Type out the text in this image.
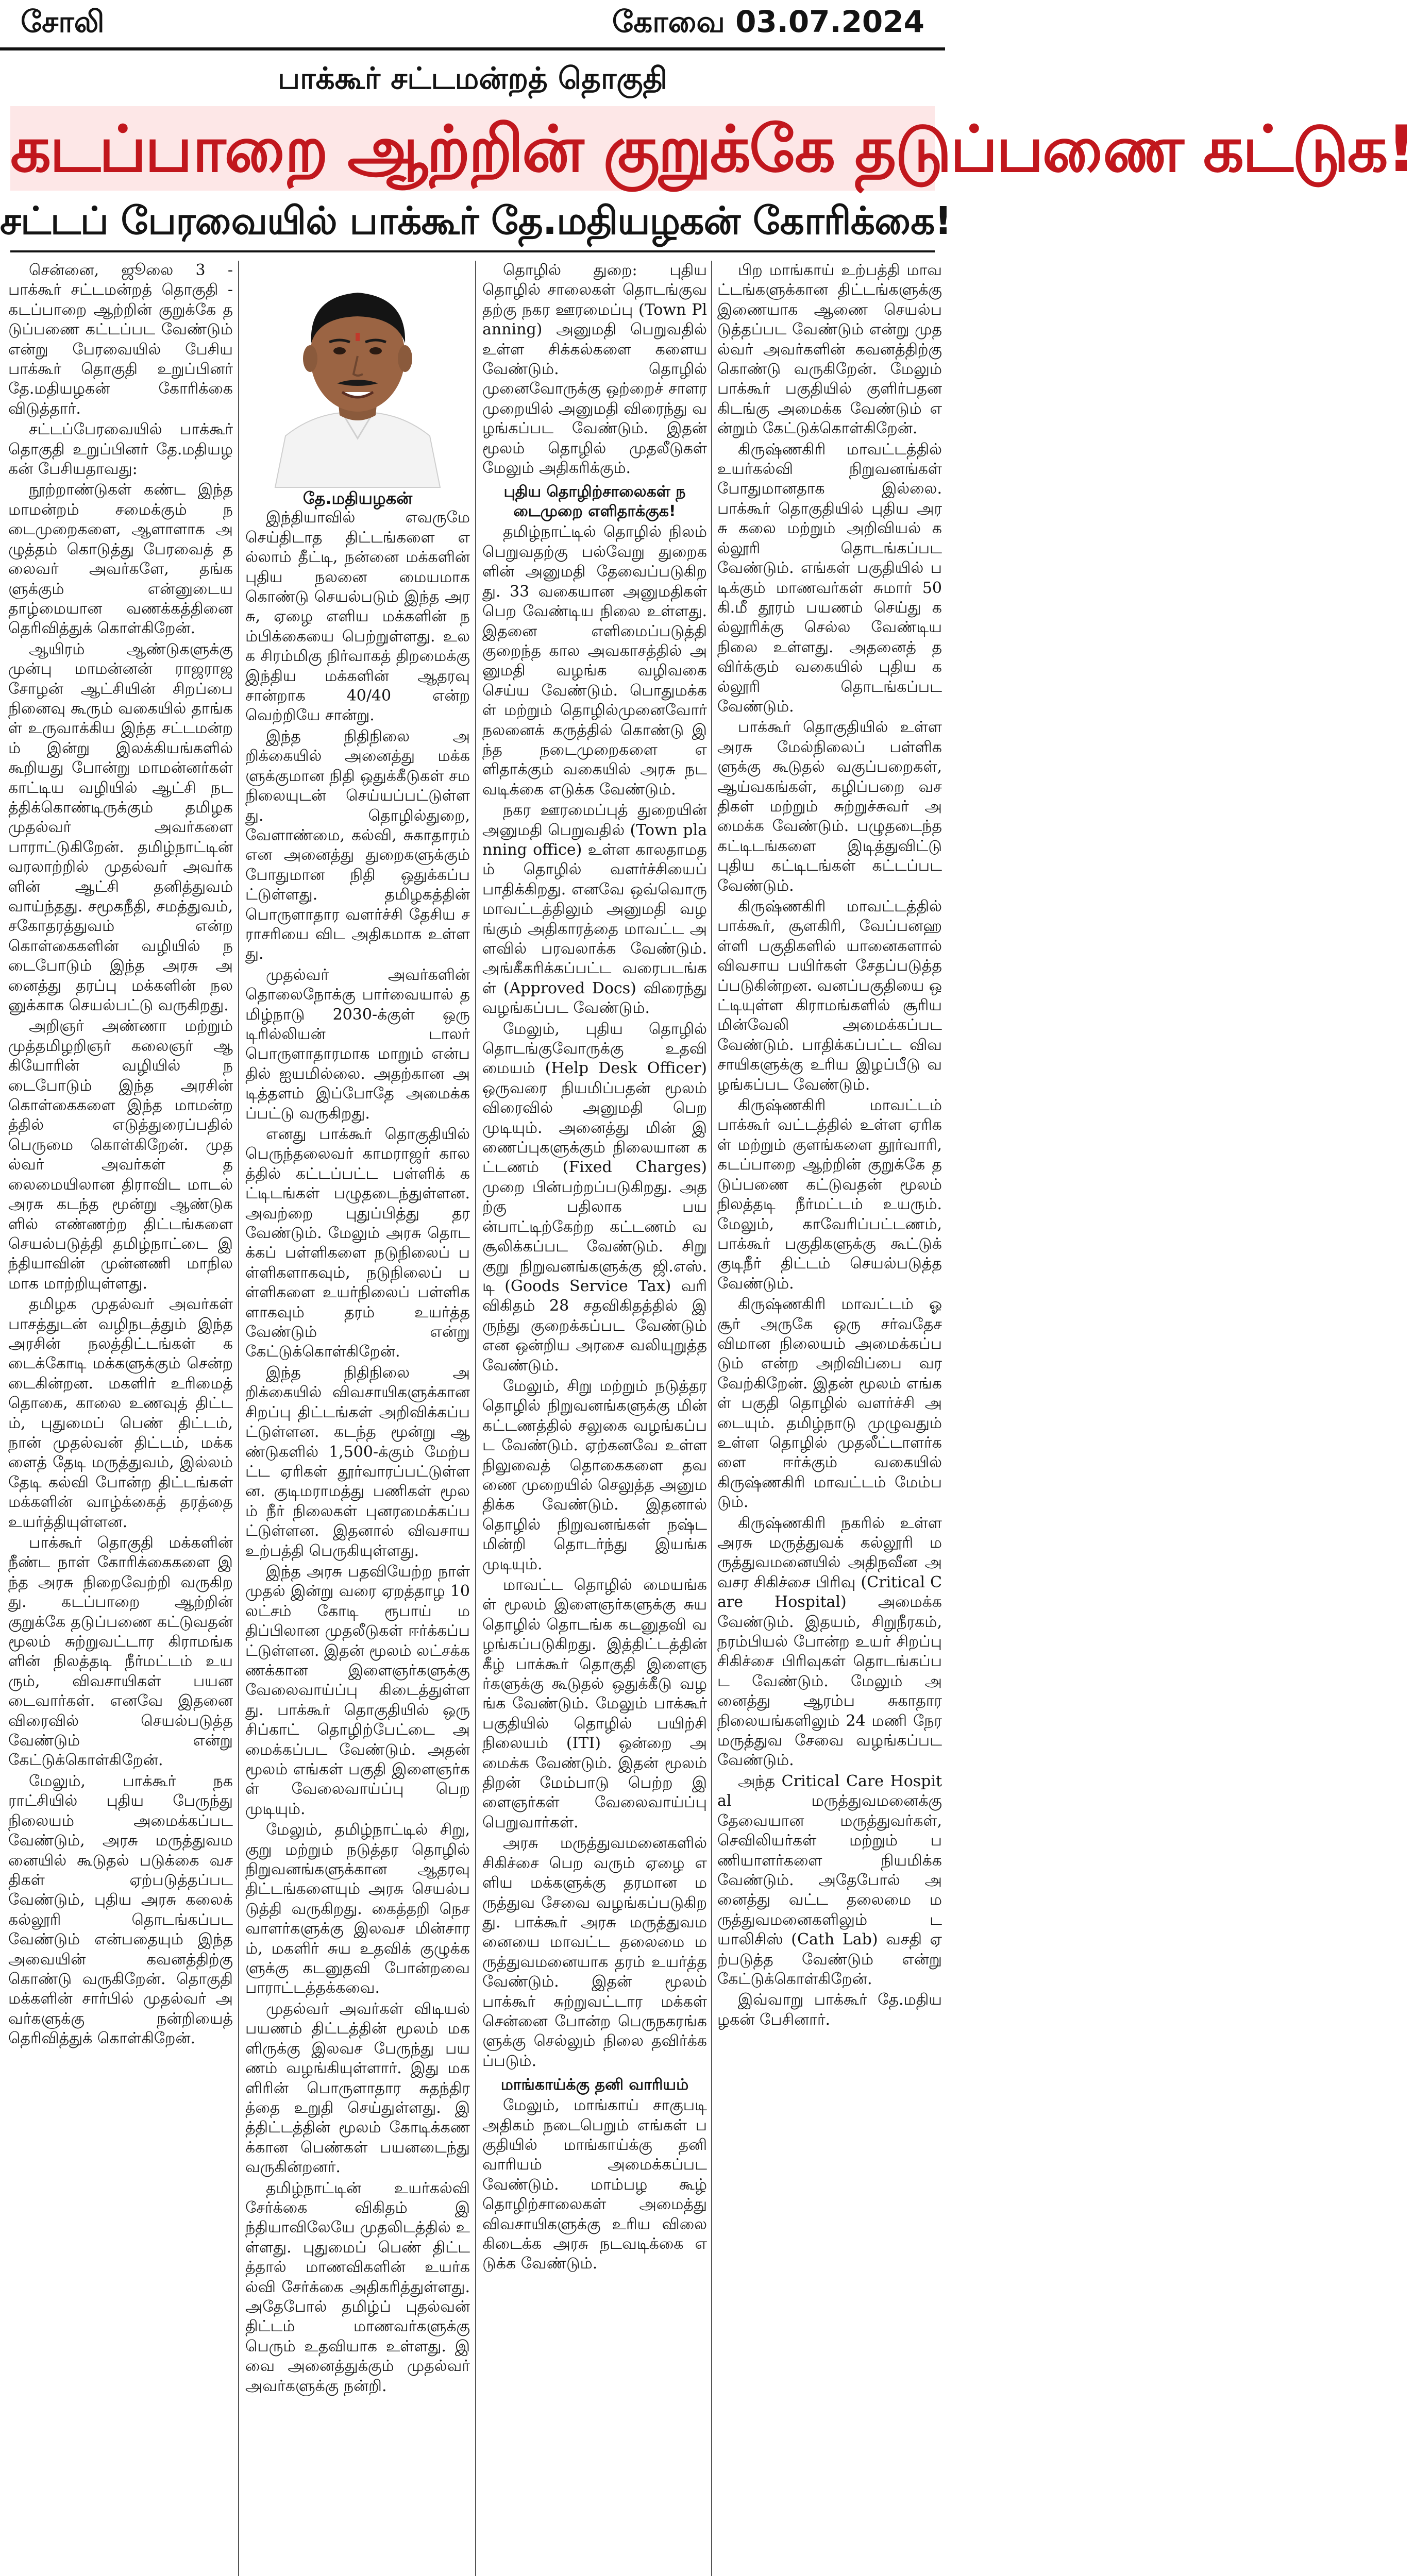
சோலி	கோவை 03.07.2024
பாக்கூர் சட்டமன்றத் தொகுதி
கடப்பாறை ஆற்றின் குறுக்கே தடுப்பணை கட்டுக!
சட்டப் பேரவையில் பாக்கூர் தே.மதியழகன் கோரிக்கை!

சென்னை, ஜூலை 3 - பாக்கூர் சட்டமன்றத் தொகுதி - கடப்பாறை ஆற்றின் குறுக்கே தடுப்பணை கட்டப்பட வேண்டும் என்று பேரவையில் பேசிய பாக்கூர் தொகுதி உறுப்பினர் தே.மதியழகன் கோரிக்கை விடுத்தார்.

சட்டப்பேரவையில் பாக்கூர் தொகுதி உறுப்பினர் தே.மதியழகன் பேசியதாவது:

நூற்றாண்டுகள் கண்ட இந்த மாமன்றம் சமைக்கும் நடைமுறைகளை, ஆளாளாக அழுத்தம் கொடுத்து பேரவைத் தலைவர் அவர்களே, தங்களுக்கும் என்னுடைய தாழ்மையான வணக்கத்தினை தெரிவித்துக் கொள்கிறேன்.

ஆயிரம் ஆண்டுகளுக்கு முன்பு மாமன்னன் ராஜராஜ சோழன் ஆட்சியின் சிறப்பை நினைவு கூரும் வகையில் தாங்கள் உருவாக்கிய இந்த சட்டமன்றம் இன்று இலக்கியங்களில் கூறியது போன்று மாமன்னர்கள் காட்டிய வழியில் ஆட்சி நடத்திக்கொண்டிருக்கும் தமிழக முதல்வர் அவர்களை பாராட்டுகிறேன். தமிழ்நாட்டின் வரலாற்றில் முதல்வர் அவர்களின் ஆட்சி தனித்துவம் வாய்ந்தது. சமூகநீதி, சமத்துவம், சகோதரத்துவம் என்ற கொள்கைகளின் வழியில் நடைபோடும் இந்த அரசு அனைத்து தரப்பு மக்களின் நலனுக்காக செயல்பட்டு வருகிறது.

அறிஞர் அண்ணா மற்றும் முத்தமிழறிஞர் கலைஞர் ஆகியோரின் வழியில் நடைபோடும் இந்த அரசின் கொள்கைகளை இந்த மாமன்றத்தில் எடுத்துரைப்பதில் பெருமை கொள்கிறேன். முதல்வர் அவர்கள் தலைமையிலான திராவிட மாடல் அரசு கடந்த மூன்று ஆண்டுகளில் எண்ணற்ற திட்டங்களை செயல்படுத்தி தமிழ்நாட்டை இந்தியாவின் முன்னணி மாநிலமாக மாற்றியுள்ளது.

தமிழக முதல்வர் அவர்கள் பாசத்துடன் வழிநடத்தும் இந்த அரசின் நலத்திட்டங்கள் கடைக்கோடி மக்களுக்கும் சென்றடைகின்றன. மகளிர் உரிமைத் தொகை, காலை உணவுத் திட்டம், புதுமைப் பெண் திட்டம், நான் முதல்வன் திட்டம், மக்களைத் தேடி மருத்துவம், இல்லம் தேடி கல்வி போன்ற திட்டங்கள் மக்களின் வாழ்க்கைத் தரத்தை உயர்த்தியுள்ளன.

பாக்கூர் தொகுதி மக்களின் நீண்ட நாள் கோரிக்கைகளை இந்த அரசு நிறைவேற்றி வருகிறது. கடப்பாறை ஆற்றின் குறுக்கே தடுப்பணை கட்டுவதன் மூலம் சுற்றுவட்டார கிராமங்களின் நிலத்தடி நீர்மட்டம் உயரும், விவசாயிகள் பயனடைவார்கள். எனவே இதனை விரைவில் செயல்படுத்த வேண்டும் என்று கேட்டுக்கொள்கிறேன்.

மேலும், பாக்கூர் நகராட்சியில் புதிய பேருந்து நிலையம் அமைக்கப்பட வேண்டும், அரசு மருத்துவமனையில் கூடுதல் படுக்கை வசதிகள் ஏற்படுத்தப்பட வேண்டும், புதிய அரசு கலைக் கல்லூரி தொடங்கப்பட வேண்டும் என்பதையும் இந்த அவையின் கவனத்திற்கு கொண்டு வருகிறேன். தொகுதி மக்களின் சார்பில் முதல்வர் அவர்களுக்கு நன்றியைத் தெரிவித்துக் கொள்கிறேன்.

தே.மதியழகன்

இந்தியாவில் எவருமே செய்திடாத திட்டங்களை எல்லாம் தீட்டி, நன்னை மக்களின் புதிய நலனை மையமாக கொண்டு செயல்படும் இந்த அரசு, ஏழை எளிய மக்களின் நம்பிக்கையை பெற்றுள்ளது. உலக சிரம்மிகு நிர்வாகத் திறமைக்கு இந்திய மக்களின் ஆதரவு சான்றாக 40/40 என்ற வெற்றியே சான்று.

இந்த நிதிநிலை அறிக்கையில் அனைத்து மக்களுக்குமான நிதி ஒதுக்கீடுகள் சமநிலையுடன் செய்யப்பட்டுள்ளது. தொழில்துறை, வேளாண்மை, கல்வி, சுகாதாரம் என அனைத்து துறைகளுக்கும் போதுமான நிதி ஒதுக்கப்பட்டுள்ளது. தமிழகத்தின் பொருளாதார வளர்ச்சி தேசிய சராசரியை விட அதிகமாக உள்ளது.

முதல்வர் அவர்களின் தொலைநோக்கு பார்வையால் தமிழ்நாடு 2030-க்குள் ஒரு டிரில்லியன் டாலர் பொருளாதாரமாக மாறும் என்பதில் ஐயமில்லை. அதற்கான அடித்தளம் இப்போதே அமைக்கப்பட்டு வருகிறது.

எனது பாக்கூர் தொகுதியில் பெருந்தலைவர் காமராஜர் காலத்தில் கட்டப்பட்ட பள்ளிக் கட்டிடங்கள் பழுதடைந்துள்ளன. அவற்றை புதுப்பித்து தர வேண்டும். மேலும் அரசு தொடக்கப் பள்ளிகளை நடுநிலைப் பள்ளிகளாகவும், நடுநிலைப் பள்ளிகளை உயர்நிலைப் பள்ளிகளாகவும் தரம் உயர்த்த வேண்டும் என்று கேட்டுக்கொள்கிறேன்.

இந்த நிதிநிலை அறிக்கையில் விவசாயிகளுக்கான சிறப்பு திட்டங்கள் அறிவிக்கப்பட்டுள்ளன. கடந்த மூன்று ஆண்டுகளில் 1,500-க்கும் மேற்பட்ட ஏரிகள் தூர்வாரப்பட்டுள்ளன. குடிமராமத்து பணிகள் மூலம் நீர் நிலைகள் புனரமைக்கப்பட்டுள்ளன. இதனால் விவசாய உற்பத்தி பெருகியுள்ளது.

இந்த அரசு பதவியேற்ற நாள் முதல் இன்று வரை ஏறத்தாழ 10 லட்சம் கோடி ரூபாய் மதிப்பிலான முதலீடுகள் ஈர்க்கப்பட்டுள்ளன. இதன் மூலம் லட்சக்கணக்கான இளைஞர்களுக்கு வேலைவாய்ப்பு கிடைத்துள்ளது. பாக்கூர் தொகுதியில் ஒரு சிப்காட் தொழிற்பேட்டை அமைக்கப்பட வேண்டும். அதன் மூலம் எங்கள் பகுதி இளைஞர்கள் வேலைவாய்ப்பு பெற முடியும்.

மேலும், தமிழ்நாட்டில் சிறு, குறு மற்றும் நடுத்தர தொழில் நிறுவனங்களுக்கான ஆதரவு திட்டங்களையும் அரசு செயல்படுத்தி வருகிறது. கைத்தறி நெசவாளர்களுக்கு இலவச மின்சாரம், மகளிர் சுய உதவிக் குழுக்களுக்கு கடனுதவி போன்றவை பாராட்டத்தக்கவை.

முதல்வர் அவர்கள் விடியல் பயணம் திட்டத்தின் மூலம் மகளிருக்கு இலவச பேருந்து பயணம் வழங்கியுள்ளார். இது மகளிரின் பொருளாதார சுதந்திரத்தை உறுதி செய்துள்ளது. இத்திட்டத்தின் மூலம் கோடிக்கணக்கான பெண்கள் பயனடைந்து வருகின்றனர்.

தமிழ்நாட்டின் உயர்கல்வி சேர்க்கை விகிதம் இந்தியாவிலேயே முதலிடத்தில் உள்ளது. புதுமைப் பெண் திட்டத்தால் மாணவிகளின் உயர்கல்வி சேர்க்கை அதிகரித்துள்ளது. அதேபோல் தமிழ்ப் புதல்வன் திட்டம் மாணவர்களுக்கு பெரும் உதவியாக உள்ளது. இவை அனைத்துக்கும் முதல்வர் அவர்களுக்கு நன்றி.

தொழில் துறை: புதிய தொழில் சாலைகள் தொடங்குவதற்கு நகர ஊரமைப்பு (Town Planning) அனுமதி பெறுவதில் உள்ள சிக்கல்களை களைய வேண்டும். தொழில் முனைவோருக்கு ஒற்றைச் சாளர முறையில் அனுமதி விரைந்து வழங்கப்பட வேண்டும். இதன் மூலம் தொழில் முதலீடுகள் மேலும் அதிகரிக்கும்.

புதிய தொழிற்சாலைகள் நடைமுறை எளிதாக்குக!

தமிழ்நாட்டில் தொழில் நிலம் பெறுவதற்கு பல்வேறு துறைகளின் அனுமதி தேவைப்படுகிறது. 33 வகையான அனுமதிகள் பெற வேண்டிய நிலை உள்ளது. இதனை எளிமைப்படுத்தி குறைந்த கால அவகாசத்தில் அனுமதி வழங்க வழிவகை செய்ய வேண்டும். பொதுமக்கள் மற்றும் தொழில்முனைவோர் நலனைக் கருத்தில் கொண்டு இந்த நடைமுறைகளை எளிதாக்கும் வகையில் அரசு நடவடிக்கை எடுக்க வேண்டும்.

நகர ஊரமைப்புத் துறையின் அனுமதி பெறுவதில் (Town planning office) உள்ள காலதாமதம் தொழில் வளர்ச்சியைப் பாதிக்கிறது. எனவே ஒவ்வொரு மாவட்டத்திலும் அனுமதி வழங்கும் அதிகாரத்தை மாவட்ட அளவில் பரவலாக்க வேண்டும். அங்கீகரிக்கப்பட்ட வரைபடங்கள் (Approved Docs) விரைந்து வழங்கப்பட வேண்டும்.

மேலும், புதிய தொழில் தொடங்குவோருக்கு உதவி மையம் (Help Desk Officer) ஒருவரை நியமிப்பதன் மூலம் விரைவில் அனுமதி பெற முடியும். அனைத்து மின் இணைப்புகளுக்கும் நிலையான கட்டணம் (Fixed Charges) முறை பின்பற்றப்படுகிறது. அதற்கு பதிலாக பயன்பாட்டிற்கேற்ற கட்டணம் வசூலிக்கப்பட வேண்டும். சிறு குறு நிறுவனங்களுக்கு ஜி.எஸ்.டி (Goods Service Tax) வரி விகிதம் 28 சதவிகிதத்தில் இருந்து குறைக்கப்பட வேண்டும் என ஒன்றிய அரசை வலியுறுத்த வேண்டும்.

மேலும், சிறு மற்றும் நடுத்தர தொழில் நிறுவனங்களுக்கு மின் கட்டணத்தில் சலுகை வழங்கப்பட வேண்டும். ஏற்கனவே உள்ள நிலுவைத் தொகைகளை தவணை முறையில் செலுத்த அனுமதிக்க வேண்டும். இதனால் தொழில் நிறுவனங்கள் நஷ்டமின்றி தொடர்ந்து இயங்க முடியும்.

மாவட்ட தொழில் மையங்கள் மூலம் இளைஞர்களுக்கு சுயதொழில் தொடங்க கடனுதவி வழங்கப்படுகிறது. இத்திட்டத்தின் கீழ் பாக்கூர் தொகுதி இளைஞர்களுக்கு கூடுதல் ஒதுக்கீடு வழங்க வேண்டும். மேலும் பாக்கூர் பகுதியில் தொழில் பயிற்சி நிலையம் (ITI) ஒன்றை அமைக்க வேண்டும். இதன் மூலம் திறன் மேம்பாடு பெற்ற இளைஞர்கள் வேலைவாய்ப்பு பெறுவார்கள்.

அரசு மருத்துவமனைகளில் சிகிச்சை பெற வரும் ஏழை எளிய மக்களுக்கு தரமான மருத்துவ சேவை வழங்கப்படுகிறது. பாக்கூர் அரசு மருத்துவமனையை மாவட்ட தலைமை மருத்துவமனையாக தரம் உயர்த்த வேண்டும். இதன் மூலம் பாக்கூர் சுற்றுவட்டார மக்கள் சென்னை போன்ற பெருநகரங்களுக்கு செல்லும் நிலை தவிர்க்கப்படும்.

மாங்காய்க்கு தனி வாரியம்

மேலும், மாங்காய் சாகுபடி அதிகம் நடைபெறும் எங்கள் பகுதியில் மாங்காய்க்கு தனி வாரியம் அமைக்கப்பட வேண்டும். மாம்பழ கூழ் தொழிற்சாலைகள் அமைத்து விவசாயிகளுக்கு உரிய விலை கிடைக்க அரசு நடவடிக்கை எடுக்க வேண்டும்.

பிற மாங்காய் உற்பத்தி மாவட்டங்களுக்கான திட்டங்களுக்கு இணையாக ஆணை செயல்படுத்தப்பட வேண்டும் என்று முதல்வர் அவர்களின் கவனத்திற்கு கொண்டு வருகிறேன். மேலும் பாக்கூர் பகுதியில் குளிர்பதன கிடங்கு அமைக்க வேண்டும் என்றும் கேட்டுக்கொள்கிறேன்.

கிருஷ்ணகிரி மாவட்டத்தில் உயர்கல்வி நிறுவனங்கள் போதுமானதாக இல்லை. பாக்கூர் தொகுதியில் புதிய அரசு கலை மற்றும் அறிவியல் கல்லூரி தொடங்கப்பட வேண்டும். எங்கள் பகுதியில் படிக்கும் மாணவர்கள் சுமார் 50 கி.மீ தூரம் பயணம் செய்து கல்லூரிக்கு செல்ல வேண்டிய நிலை உள்ளது. அதனைத் தவிர்க்கும் வகையில் புதிய கல்லூரி தொடங்கப்பட வேண்டும்.

பாக்கூர் தொகுதியில் உள்ள அரசு மேல்நிலைப் பள்ளிகளுக்கு கூடுதல் வகுப்பறைகள், ஆய்வகங்கள், கழிப்பறை வசதிகள் மற்றும் சுற்றுச்சுவர் அமைக்க வேண்டும். பழுதடைந்த கட்டிடங்களை இடித்துவிட்டு புதிய கட்டிடங்கள் கட்டப்பட வேண்டும்.

கிருஷ்ணகிரி மாவட்டத்தில் பாக்கூர், சூளகிரி, வேப்பனஹள்ளி பகுதிகளில் யானைகளால் விவசாய பயிர்கள் சேதப்படுத்தப்படுகின்றன. வனப்பகுதியை ஒட்டியுள்ள கிராமங்களில் சூரிய மின்வேலி அமைக்கப்பட வேண்டும். பாதிக்கப்பட்ட விவசாயிகளுக்கு உரிய இழப்பீடு வழங்கப்பட வேண்டும்.

கிருஷ்ணகிரி மாவட்டம் பாக்கூர் வட்டத்தில் உள்ள ஏரிகள் மற்றும் குளங்களை தூர்வாரி, கடப்பாறை ஆற்றின் குறுக்கே தடுப்பணை கட்டுவதன் மூலம் நிலத்தடி நீர்மட்டம் உயரும். மேலும், காவேரிப்பட்டணம், பாக்கூர் பகுதிகளுக்கு கூட்டுக் குடிநீர் திட்டம் செயல்படுத்த வேண்டும்.

கிருஷ்ணகிரி மாவட்டம் ஓசூர் அருகே ஒரு சர்வதேச விமான நிலையம் அமைக்கப்படும் என்ற அறிவிப்பை வரவேற்கிறேன். இதன் மூலம் எங்கள் பகுதி தொழில் வளர்ச்சி அடையும். தமிழ்நாடு முழுவதும் உள்ள தொழில் முதலீட்டாளர்களை ஈர்க்கும் வகையில் கிருஷ்ணகிரி மாவட்டம் மேம்படும்.

கிருஷ்ணகிரி நகரில் உள்ள அரசு மருத்துவக் கல்லூரி மருத்துவமனையில் அதிநவீன அவசர சிகிச்சை பிரிவு (Critical Care Hospital) அமைக்க வேண்டும். இதயம், சிறுநீரகம், நரம்பியல் போன்ற உயர் சிறப்பு சிகிச்சை பிரிவுகள் தொடங்கப்பட வேண்டும். மேலும் அனைத்து ஆரம்ப சுகாதார நிலையங்களிலும் 24 மணி நேர மருத்துவ சேவை வழங்கப்பட வேண்டும்.

அந்த Critical Care Hospital மருத்துவமனைக்கு தேவையான மருத்துவர்கள், செவிலியர்கள் மற்றும் பணியாளர்களை நியமிக்க வேண்டும். அதேபோல் அனைத்து வட்ட தலைமை மருத்துவமனைகளிலும் டயாலிசிஸ் (Cath Lab) வசதி ஏற்படுத்த வேண்டும் என்று கேட்டுக்கொள்கிறேன்.

இவ்வாறு பாக்கூர் தே.மதியழகன் பேசினார்.
